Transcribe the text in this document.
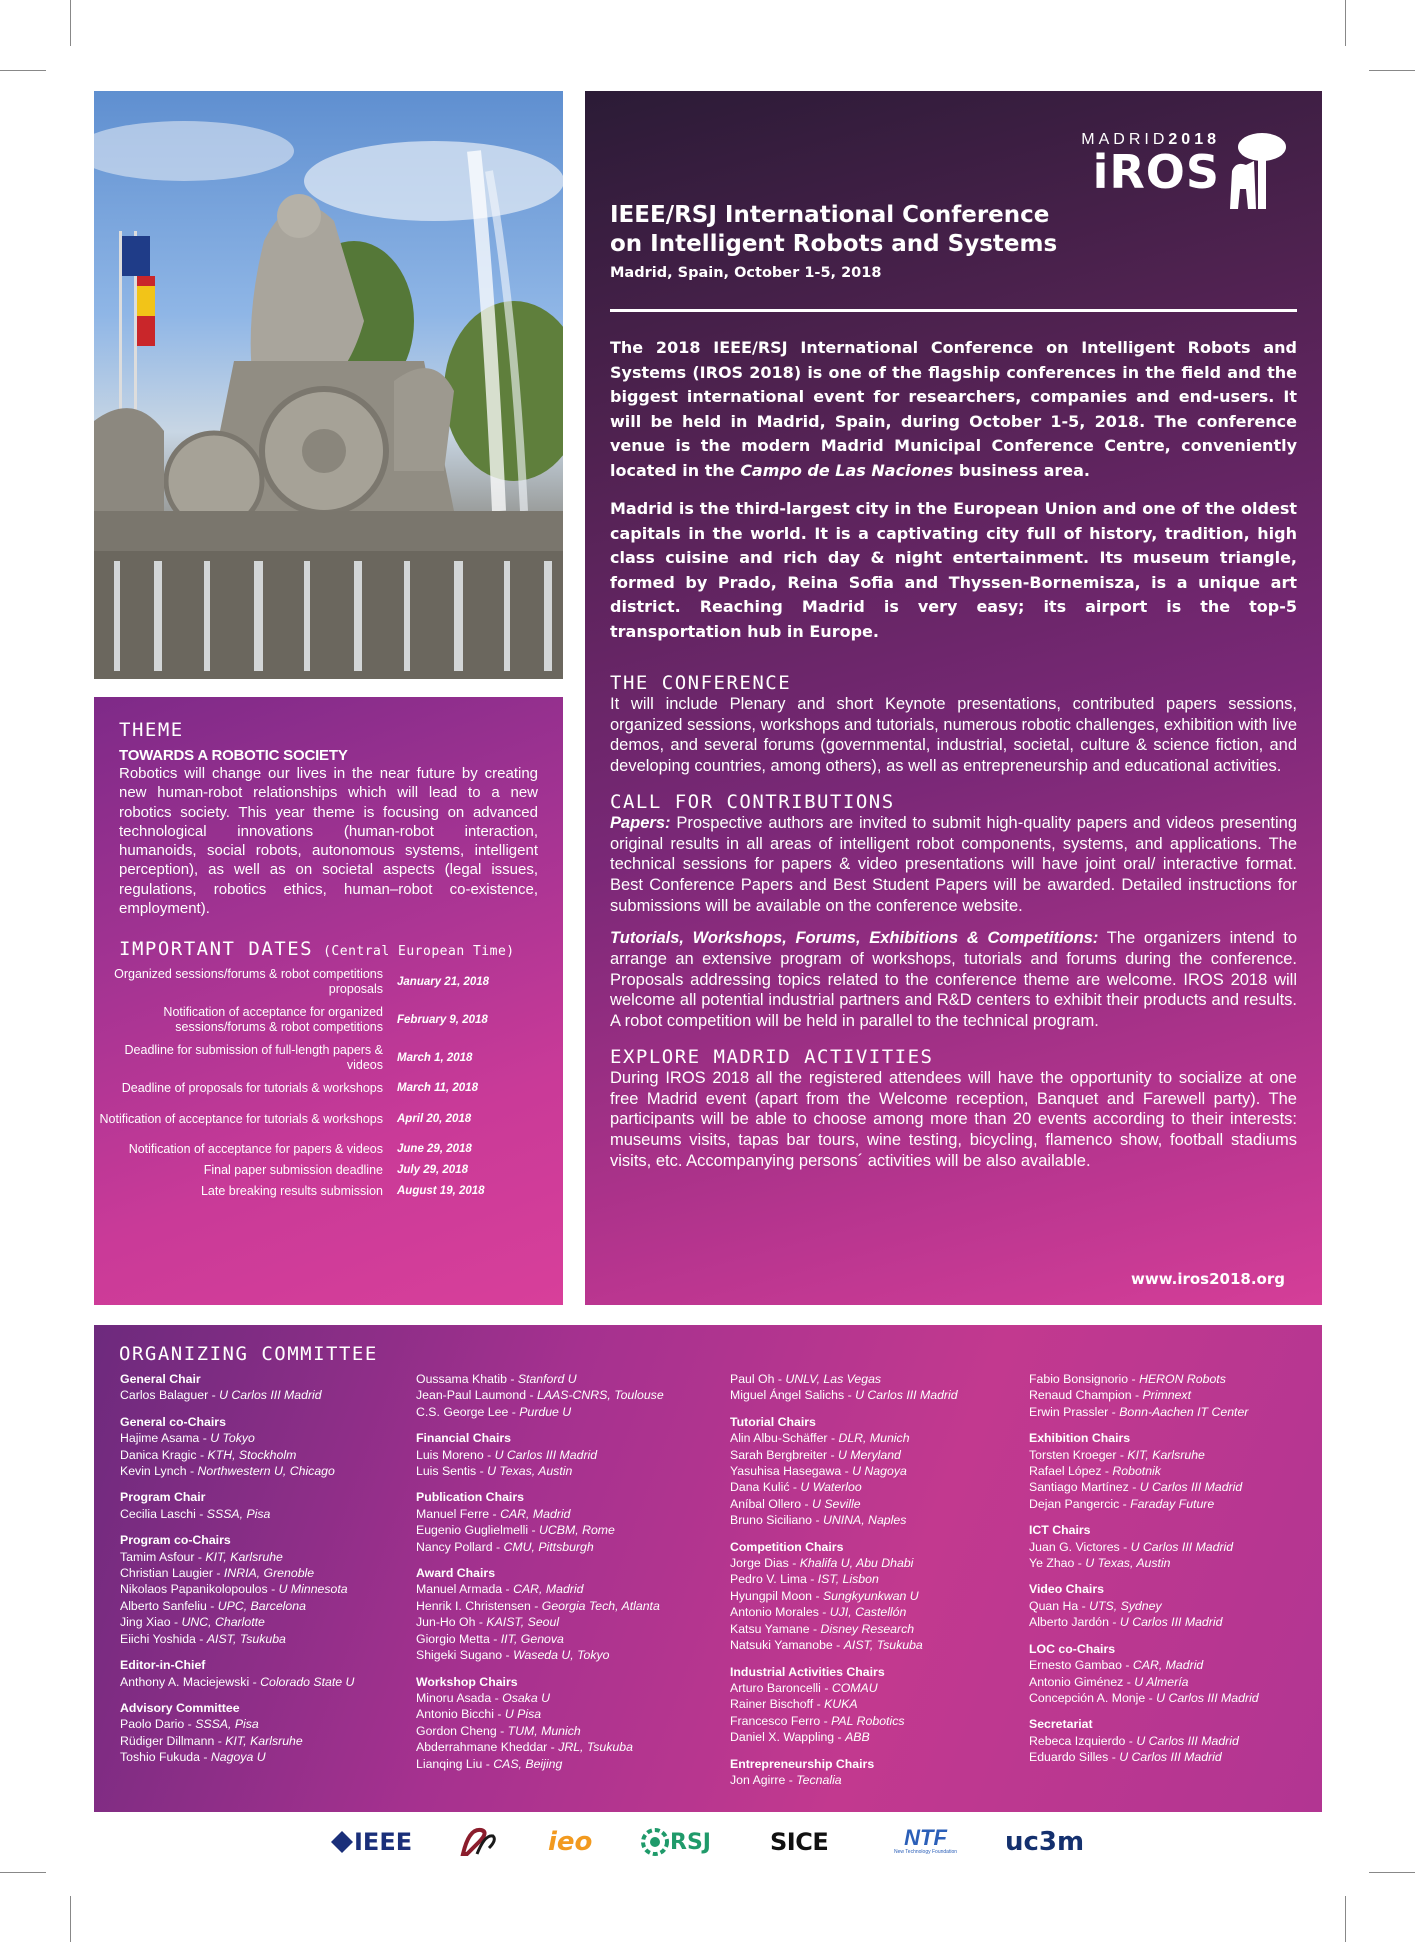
THEME
TOWARDS A ROBOTIC SOCIETY

Robotics will change our lives in the near future by creating new human-robot relationships which will lead to a new robotics society. This year theme is focusing on advanced technological innovations (human-robot interaction, humanoids, social robots, autonomous systems, intelligent perception), as well as on societal aspects (legal issues, regulations, robotics ethics, human–robot co-existence, employment).

IMPORTANT DATES (Central European Time)
Organized sessions/forums & robot competitions proposals	January 21, 2018
Notification of acceptance for organized sessions/forums & robot competitions	February 9, 2018
Deadline for submission of full-length papers & videos	March 1, 2018
Deadline of proposals for tutorials & workshops	March 11, 2018
Notification of acceptance for tutorials & workshops	April 20, 2018
Notification of acceptance for papers & videos	June 29, 2018
Final paper submission deadline	July 29, 2018
Late breaking results submission	August 19, 2018
MADRID2018
iROS
IEEE/RSJ International Conference
on Intelligent Robots and Systems
Madrid, Spain, October 1-5, 2018

The 2018 IEEE/RSJ International Conference on Intelligent Robots and Systems (IROS 2018) is one of the flagship conferences in the field and the biggest international event for researchers, companies and end-users. It will be held in Madrid, Spain, during October 1-5, 2018. The conference venue is the modern Madrid Municipal Conference Centre, conveniently located in the Campo de Las Naciones business area.

Madrid is the third-largest city in the European Union and one of the oldest capitals in the world. It is a captivating city full of history, tradition, high class cuisine and rich day & night entertainment. Its museum triangle, formed by Prado, Reina Sofia and Thyssen-Bornemisza, is a unique art district. Reaching Madrid is very easy; its airport is the top-5 transportation hub in Europe.

THE CONFERENCE

It will include Plenary and short Keynote presentations, contributed papers sessions, organized sessions, workshops and tutorials, numerous robotic challenges, exhibition with live demos, and several forums (governmental, industrial, societal, culture & science fiction, and developing countries, among others), as well as entrepreneurship and educational activities.

CALL FOR CONTRIBUTIONS

Papers: Prospective authors are invited to submit high-quality papers and videos presenting original results in all areas of intelligent robot components, systems, and applications. The technical sessions for papers & video presentations will have joint oral/ interactive format. Best Conference Papers and Best Student Papers will be awarded. Detailed instructions for submissions will be available on the conference website.

Tutorials, Workshops, Forums, Exhibitions & Competitions: The organizers intend to arrange an extensive program of workshops, tutorials and forums during the conference. Proposals addressing topics related to the conference theme are welcome. IROS 2018 will welcome all potential industrial partners and R&D centers to exhibit their products and results. A robot competition will be held in parallel to the technical program.

EXPLORE MADRID ACTIVITIES

During IROS 2018 all the registered attendees will have the opportunity to socialize at one free Madrid event (apart from the Welcome reception, Banquet and Farewell party). The participants will be able to choose among more than 20 events according to their interests: museums visits, tapas bar tours, wine testing, bicycling, flamenco show, football stadiums visits, etc. Accompanying persons´ activities will be also available.

www.iros2018.org
ORGANIZING COMMITTEE
General Chair
Carlos Balaguer - U Carlos III Madrid
General co-Chairs
Hajime Asama - U Tokyo
Danica Kragic - KTH, Stockholm
Kevin Lynch - Northwestern U, Chicago
Program Chair
Cecilia Laschi - SSSA, Pisa
Program co-Chairs
Tamim Asfour - KIT, Karlsruhe
Christian Laugier - INRIA, Grenoble
Nikolaos Papanikolopoulos - U Minnesota
Alberto Sanfeliu - UPC, Barcelona
Jing Xiao - UNC, Charlotte
Eiichi Yoshida - AIST, Tsukuba
Editor-in-Chief
Anthony A. Maciejewski - Colorado State U
Advisory Committee
Paolo Dario - SSSA, Pisa
Rüdiger Dillmann - KIT, Karlsruhe
Toshio Fukuda - Nagoya U
Oussama Khatib - Stanford U
Jean-Paul Laumond - LAAS-CNRS, Toulouse
C.S. George Lee - Purdue U
Financial Chairs
Luis Moreno - U Carlos III Madrid
Luis Sentis - U Texas, Austin
Publication Chairs
Manuel Ferre - CAR, Madrid
Eugenio Guglielmelli - UCBM, Rome
Nancy Pollard - CMU, Pittsburgh
Award Chairs
Manuel Armada - CAR, Madrid
Henrik I. Christensen - Georgia Tech, Atlanta
Jun-Ho Oh - KAIST, Seoul
Giorgio Metta - IIT, Genova
Shigeki Sugano - Waseda U, Tokyo
Workshop Chairs
Minoru Asada - Osaka U
Antonio Bicchi - U Pisa
Gordon Cheng - TUM, Munich
Abderrahmane Kheddar - JRL, Tsukuba
Lianqing Liu - CAS, Beijing
Paul Oh - UNLV, Las Vegas
Miguel Ángel Salichs - U Carlos III Madrid
Tutorial Chairs
Alin Albu-Schäffer - DLR, Munich
Sarah Bergbreiter - U Meryland
Yasuhisa Hasegawa - U Nagoya
Dana Kulić - U Waterloo
Aníbal Ollero - U Seville
Bruno Siciliano - UNINA, Naples
Competition Chairs
Jorge Dias - Khalifa U, Abu Dhabi
Pedro V. Lima - IST, Lisbon
Hyungpil Moon - Sungkyunkwan U
Antonio Morales - UJI, Castellón
Katsu Yamane - Disney Research
Natsuki Yamanobe - AIST, Tsukuba
Industrial Activities Chairs
Arturo Baroncelli - COMAU
Rainer Bischoff - KUKA
Francesco Ferro - PAL Robotics
Daniel X. Wappling - ABB
Entrepreneurship Chairs
Jon Agirre - Tecnalia
Fabio Bonsignorio - HERON Robots
Renaud Champion - Primnext
Erwin Prassler - Bonn-Aachen IT Center
Exhibition Chairs
Torsten Kroeger - KIT, Karlsruhe
Rafael López - Robotnik
Santiago Martínez - U Carlos III Madrid
Dejan Pangercic - Faraday Future
ICT Chairs
Juan G. Victores - U Carlos III Madrid
Ye Zhao - U Texas, Austin
Video Chairs
Quan Ha - UTS, Sydney
Alberto Jardón - U Carlos III Madrid
LOC co-Chairs
Ernesto Gambao - CAR, Madrid
Antonio Giménez - U Almería
Concepción A. Monje - U Carlos III Madrid
Secretariat
Rebeca Izquierdo - U Carlos III Madrid
Eduardo Silles - U Carlos III Madrid
IEEE	ieo	RSJ SICE	NTF
New Technology Foundation uc3m
